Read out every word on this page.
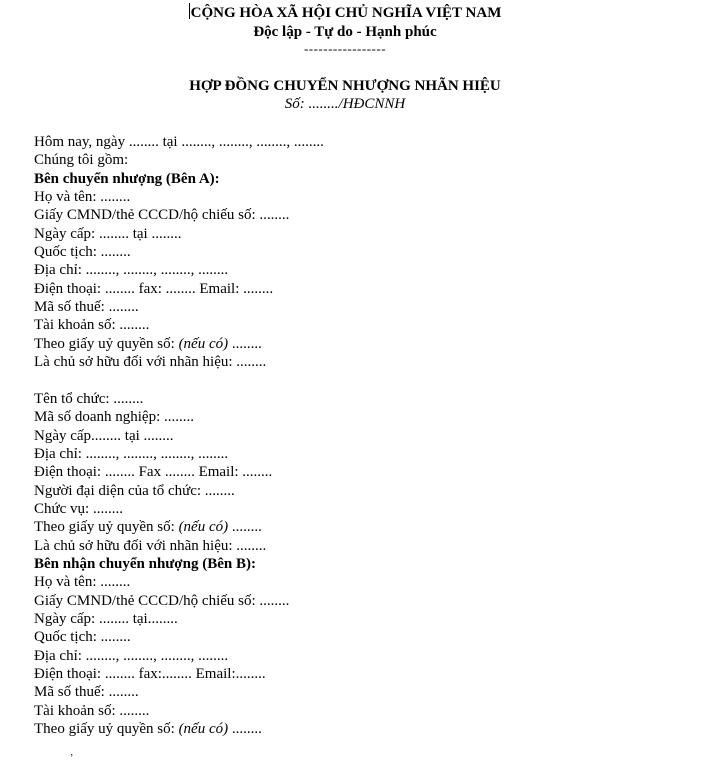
CỘNG HÒA XÃ HỘI CHỦ NGHĨA VIỆT NAM
Độc lập - Tự do - Hạnh phúc
-----------------
HỢP ĐỒNG CHUYỂN NHƯỢNG NHÃN HIỆU
Số: ......../HĐCNNH
Hôm nay, ngày ........ tại ........, ........, ........, ........
Chúng tôi gồm:
Bên chuyển nhượng (Bên A):
Họ và tên: ........
Giấy CMND/thẻ CCCD/hộ chiếu số: ........
Ngày cấp: ........ tại ........
Quốc tịch: ........
Địa chỉ: ........, ........, ........, ........
Điện thoại: ........ fax: ........ Email: ........
Mã số thuế: ........
Tài khoản số: ........
Theo giấy uỷ quyền số: (nếu có) ........
Là chủ sở hữu đối với nhãn hiệu: ........
Tên tổ chức: ........
Mã số doanh nghiệp: ........
Ngày cấp........ tại ........
Địa chỉ: ........, ........, ........, ........
Điện thoại: ........ Fax ........ Email: ........
Người đại diện của tổ chức: ........
Chức vụ: ........
Theo giấy uỷ quyền số: (nếu có) ........
Là chủ sở hữu đối với nhãn hiệu: ........
Bên nhận chuyển nhượng (Bên B):
Họ và tên: ........
Giấy CMND/thẻ CCCD/hộ chiếu số: ........
Ngày cấp: ........ tại........
Quốc tịch: ........
Địa chỉ: ........, ........, ........, ........
Điện thoại: ........ fax:........ Email:........
Mã số thuế: ........
Tài khoản số: ........
Theo giấy uỷ quyền số: (nếu có) ........
’
